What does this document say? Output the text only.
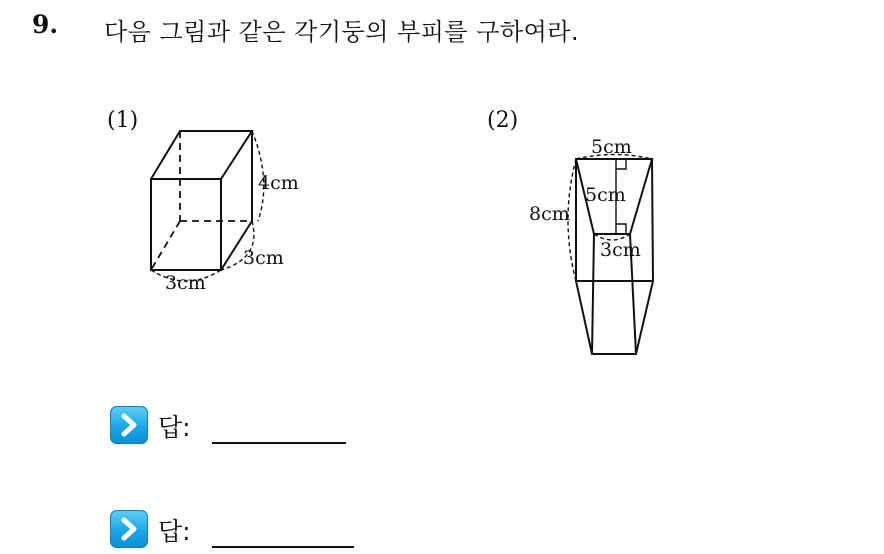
9. 다음 그림과 같은 각기둥의 부피를 구하여라.
(1)
4cm
3cm
3cm
(2)
5cm
5cm
8cm
3cm
답:
답:
